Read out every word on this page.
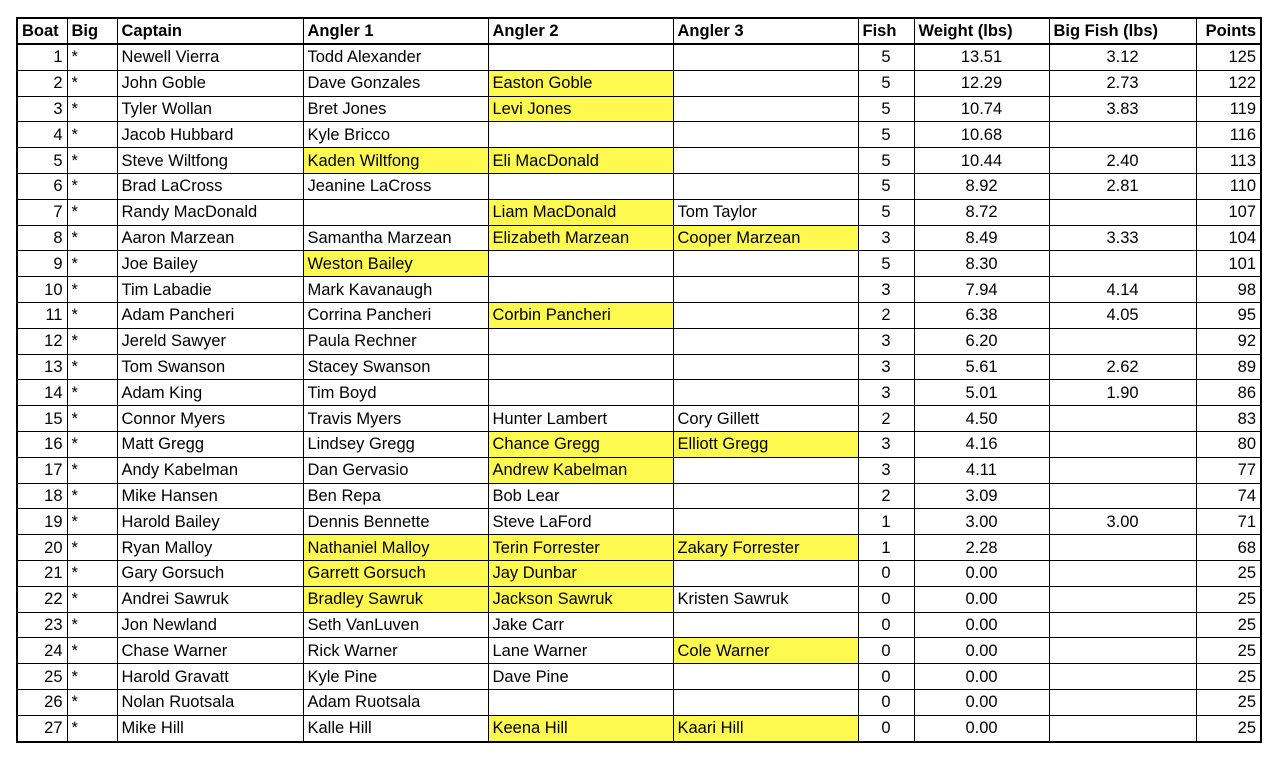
Boat	Big	Captain	Angler 1	Angler 2	Angler 3	Fish	Weight (lbs)	Big Fish (lbs)	Points
1	*	Newell Vierra	Todd Alexander			5	13.51	3.12	125
2	*	John Goble	Dave Gonzales	Easton Goble		5	12.29	2.73	122
3	*	Tyler Wollan	Bret Jones	Levi Jones		5	10.74	3.83	119
4	*	Jacob Hubbard	Kyle Bricco			5	10.68		116
5	*	Steve Wiltfong	Kaden Wiltfong	Eli MacDonald		5	10.44	2.40	113
6	*	Brad LaCross	Jeanine LaCross			5	8.92	2.81	110
7	*	Randy MacDonald		Liam MacDonald	Tom Taylor	5	8.72		107
8	*	Aaron Marzean	Samantha Marzean	Elizabeth Marzean	Cooper Marzean	3	8.49	3.33	104
9	*	Joe Bailey	Weston Bailey			5	8.30		101
10	*	Tim Labadie	Mark Kavanaugh			3	7.94	4.14	98
11	*	Adam Pancheri	Corrina Pancheri	Corbin Pancheri		2	6.38	4.05	95
12	*	Jereld Sawyer	Paula Rechner			3	6.20		92
13	*	Tom Swanson	Stacey Swanson			3	5.61	2.62	89
14	*	Adam King	Tim Boyd			3	5.01	1.90	86
15	*	Connor Myers	Travis Myers	Hunter Lambert	Cory Gillett	2	4.50		83
16	*	Matt Gregg	Lindsey Gregg	Chance Gregg	Elliott Gregg	3	4.16		80
17	*	Andy Kabelman	Dan Gervasio	Andrew Kabelman		3	4.11		77
18	*	Mike Hansen	Ben Repa	Bob Lear		2	3.09		74
19	*	Harold Bailey	Dennis Bennette	Steve LaFord		1	3.00	3.00	71
20	*	Ryan Malloy	Nathaniel Malloy	Terin Forrester	Zakary Forrester	1	2.28		68
21	*	Gary Gorsuch	Garrett Gorsuch	Jay Dunbar		0	0.00		25
22	*	Andrei Sawruk	Bradley Sawruk	Jackson Sawruk	Kristen Sawruk	0	0.00		25
23	*	Jon Newland	Seth VanLuven	Jake Carr		0	0.00		25
24	*	Chase Warner	Rick Warner	Lane Warner	Cole Warner	0	0.00		25
25	*	Harold Gravatt	Kyle Pine	Dave Pine		0	0.00		25
26	*	Nolan Ruotsala	Adam Ruotsala			0	0.00		25
27	*	Mike Hill	Kalle Hill	Keena Hill	Kaari Hill	0	0.00		25
